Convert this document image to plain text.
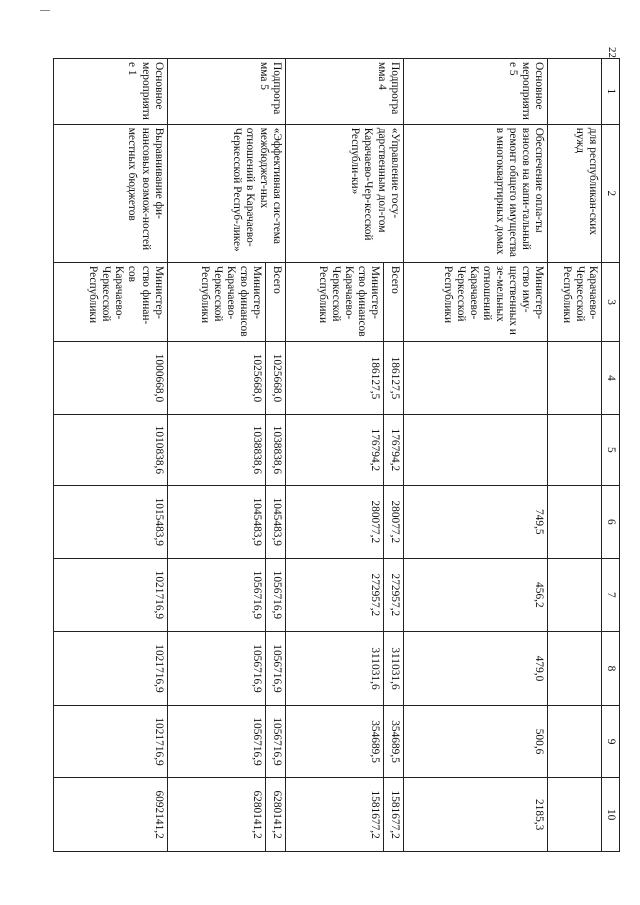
22
1	2	3	4	5	6	7	8	9	10
	для республикан-ских нужд	Карачаево-Черкесской Республики							
Основное мероприятие 5	Обеспечение опла-ты взносов на капи-тальный ремонт общего имущества в многоквартирных домах	Министер-ство иму-щественных и зе-мельных отношений Карачаево-Черкесской Республики			749,5	456,2	479,0	500,6	2185,3
Подпрограмма 4	«Управление госу-дарственным дол-гом Карачаево-Чер-кесской Республи-ки»	Всего	186127,5	176794,2	280077,2	272957,2	311031,6	354689,5	1581677,2
		Министер-ство финансов Карачаево-Черкесской Республики	186127,5	176794,2	280077,2	272957,2	311031,6	354689,5	1581677,2
Подпрограмма 5	«Эффективная сис-тема межбюджет-ных отношений в Карачаево-Черкесской Респуб-лике»	Всего	1025668,0	1038838,6	1045483,9	1056716,9	1056716,9	1056716,9	6280141,2
		Министер-ство финансов Карачаево-Черкесской Республики	1025668,0	1038838,6	1045483,9	1056716,9	1056716,9	1056716,9	6280141,2
Основное мероприятие 1	Выравнивание фи-нансовых возмож-ностей местных бюджетов	Министер-ство финан-сов Карачаево-Черкесской Республики	1000668,0	1010838,6	1015483,9	1021716,9	1021716,9	1021716,9	6092141,2
